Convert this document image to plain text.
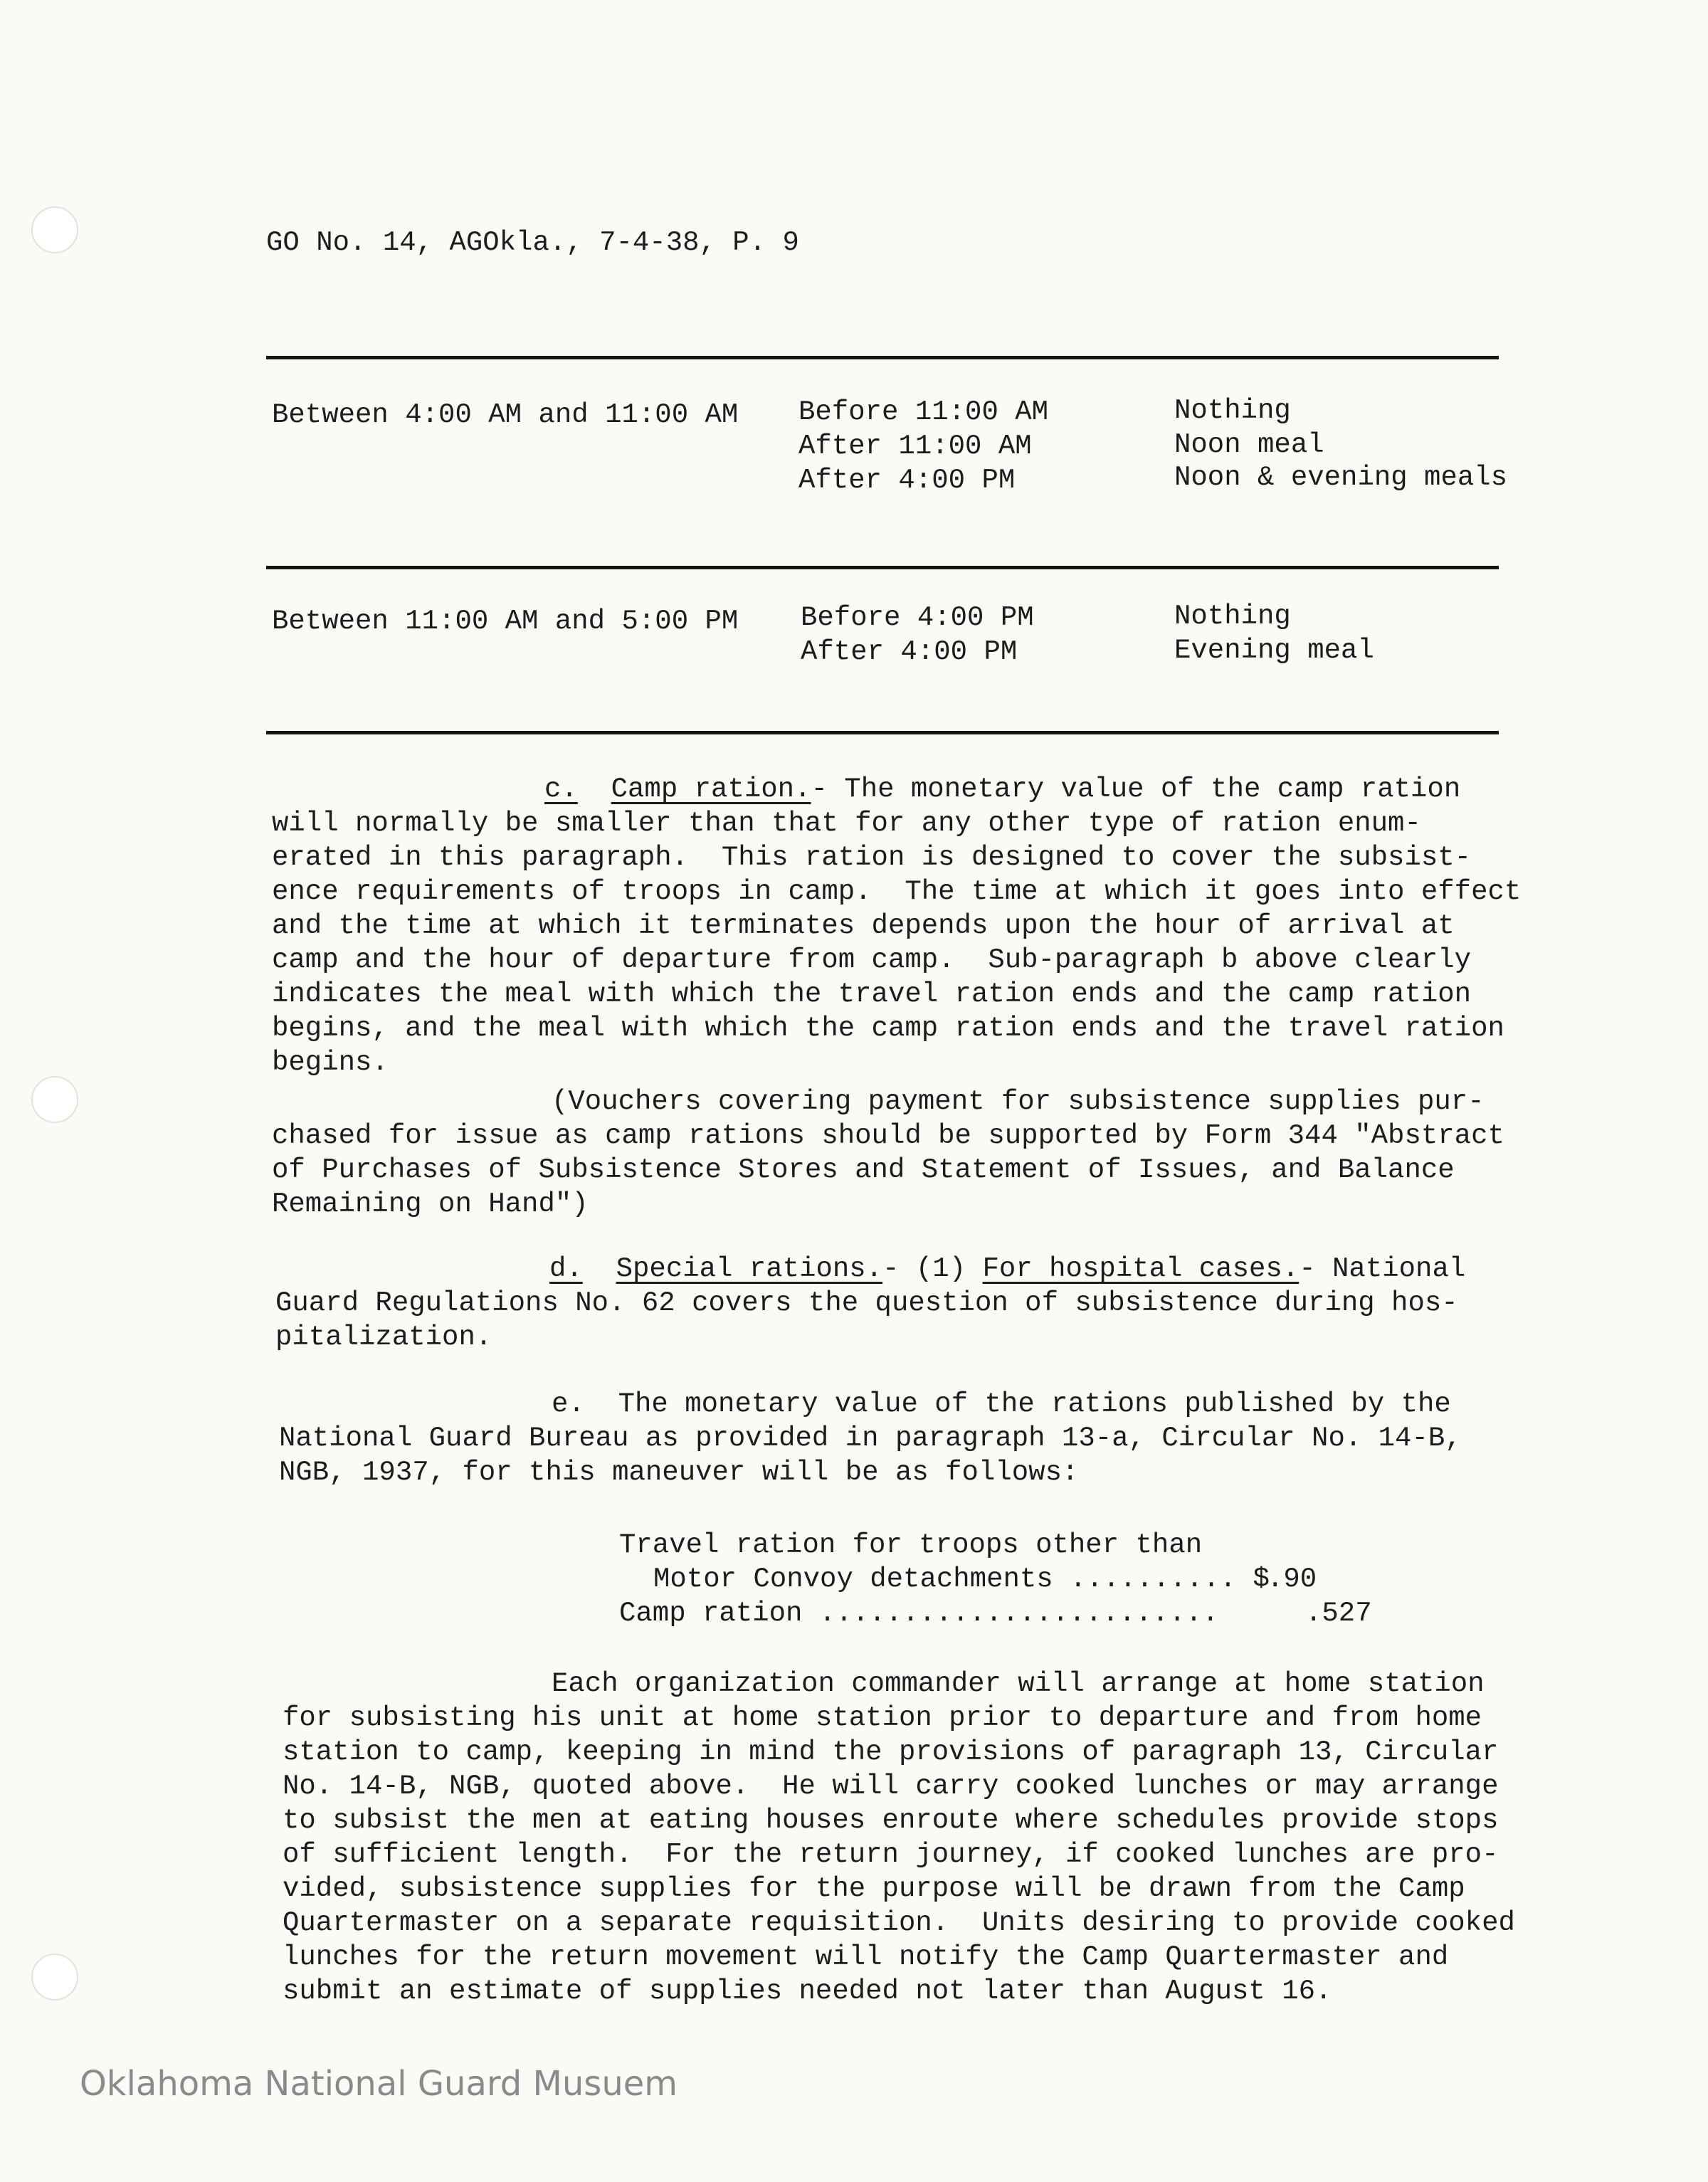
GO No. 14, AGOkla., 7-4-38, P. 9
Between 4:00 AM and 11:00 AM Before 11:00 AM
After 11:00 AM
After 4:00 PM
Nothing
Noon meal
Noon & evening meals
Between 11:00 AM and 5:00 PM Before 4:00 PM
After 4:00 PM
Nothing
Evening meal
c. Camp ration.- The monetary value of the camp ration
will normally be smaller than that for any other type of ration enum-
erated in this paragraph.  This ration is designed to cover the subsist-
ence requirements of troops in camp.  The time at which it goes into effect
and the time at which it terminates depends upon the hour of arrival at
camp and the hour of departure from camp.  Sub-paragraph b above clearly
indicates the meal with which the travel ration ends and the camp ration
begins, and the meal with which the camp ration ends and the travel ration
begins.
(Vouchers covering payment for subsistence supplies pur-
chased for issue as camp rations should be supported by Form 344 "Abstract
of Purchases of Subsistence Stores and Statement of Issues, and Balance
Remaining on Hand")
d. Special rations.- (1) For hospital cases.- National
Guard Regulations No. 62 covers the question of subsistence during hos-
pitalization.
e. The monetary value of the rations published by the
National Guard Bureau as provided in paragraph 13-a, Circular No. 14-B,
NGB, 1937, for this maneuver will be as follows:
Travel ration for troops other than
Motor Convoy detachments .......... $
.90
Camp ration ........................	.527
Each organization commander will arrange at home station
for subsisting his unit at home station prior to departure and from home
station to camp, keeping in mind the provisions of paragraph 13, Circular
No. 14-B, NGB, quoted above.  He will carry cooked lunches or may arrange
to subsist the men at eating houses enroute where schedules provide stops
of sufficient length.  For the return journey, if cooked lunches are pro-
vided, subsistence supplies for the purpose will be drawn from the Camp
Quartermaster on a separate requisition.  Units desiring to provide cooked
lunches for the return movement will notify the Camp Quartermaster and
submit an estimate of supplies needed not later than August 16.
Oklahoma National Guard Musuem
